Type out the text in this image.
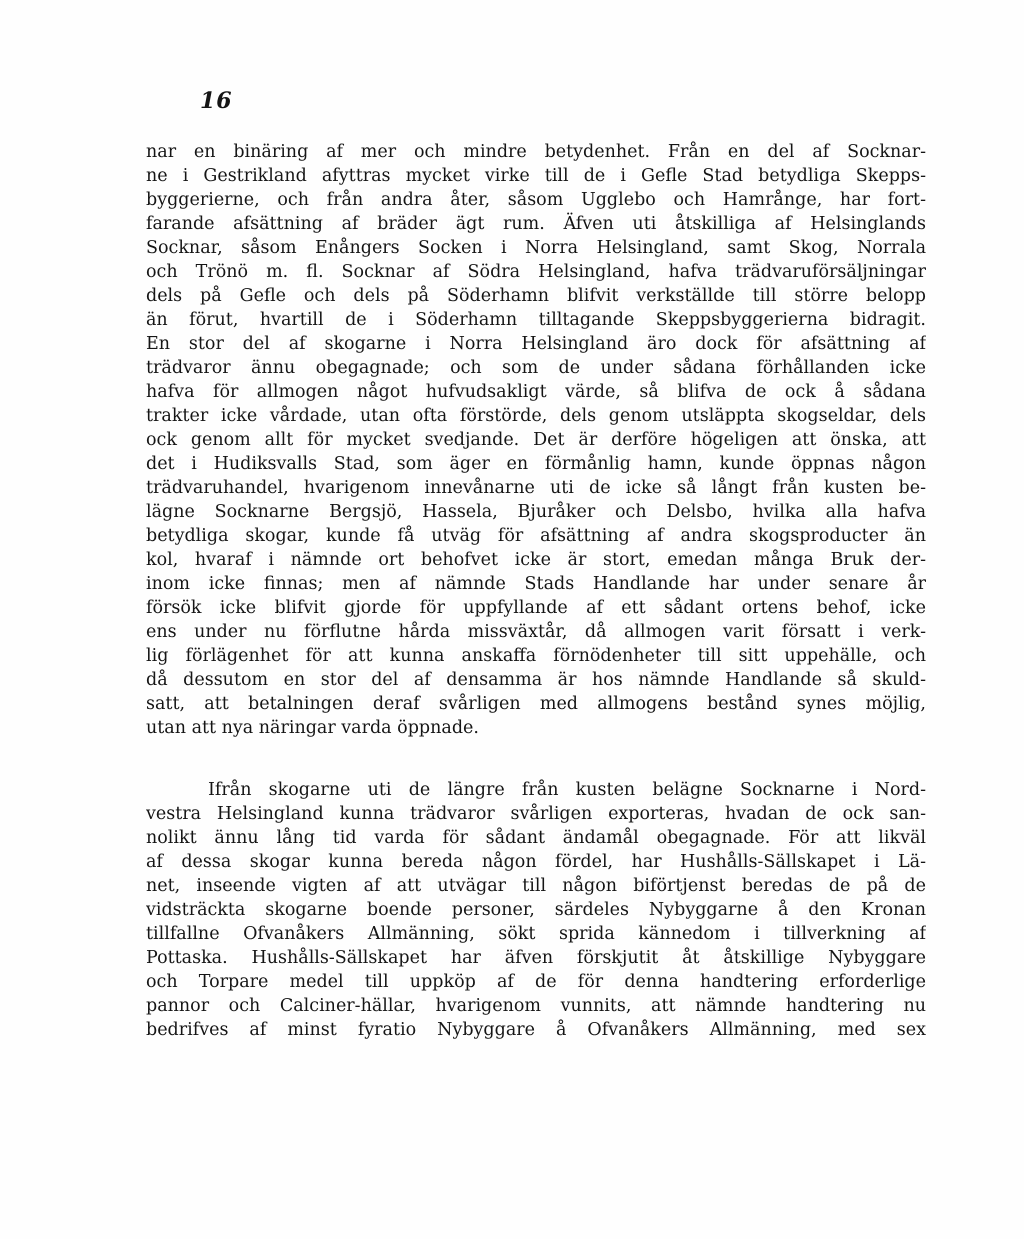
16
nar en binäring af mer och mindre betydenhet. Från en del af Socknar-
ne i Gestrikland afyttras mycket virke till de i Gefle Stad betydliga Skepps-
byggerierne, och från andra åter, såsom Ugglebo och Hamrånge, har fort-
farande afsättning af bräder ägt rum. Äfven uti åtskilliga af Helsinglands
Socknar, såsom Enångers Socken i Norra Helsingland, samt Skog, Norrala
och Trönö m. fl. Socknar af Södra Helsingland, hafva trädvaruförsäljningar
dels på Gefle och dels på Söderhamn blifvit verkställde till större belopp
än förut, hvartill de i Söderhamn tilltagande Skeppsbyggerierna bidragit.
En stor del af skogarne i Norra Helsingland äro dock för afsättning af
trädvaror ännu obegagnade; och som de under sådana förhållanden icke
hafva för allmogen något hufvudsakligt värde, så blifva de ock å sådana
trakter icke vårdade, utan ofta förstörde, dels genom utsläppta skogseldar, dels
ock genom allt för mycket svedjande. Det är derföre högeligen att önska, att
det i Hudiksvalls Stad, som äger en förmånlig hamn, kunde öppnas någon
trädvaruhandel, hvarigenom innevånarne uti de icke så långt från kusten be-
lägne Socknarne Bergsjö, Hassela, Bjuråker och Delsbo, hvilka alla hafva
betydliga skogar, kunde få utväg för afsättning af andra skogsproducter än
kol, hvaraf i nämnde ort behofvet icke är stort, emedan många Bruk der-
inom icke finnas; men af nämnde Stads Handlande har under senare år
försök icke blifvit gjorde för uppfyllande af ett sådant ortens behof, icke
ens under nu förflutne hårda missväxtår, då allmogen varit försatt i verk-
lig förlägenhet för att kunna anskaffa förnödenheter till sitt uppehälle, och
då dessutom en stor del af densamma är hos nämnde Handlande så skuld-
satt, att betalningen deraf svårligen med allmogens bestånd synes möjlig,
utan att nya näringar varda öppnade.
Ifrån skogarne uti de längre från kusten belägne Socknarne i Nord-
vestra Helsingland kunna trädvaror svårligen exporteras, hvadan de ock san-
nolikt ännu lång tid varda för sådant ändamål obegagnade. För att likväl
af dessa skogar kunna bereda någon fördel, har Hushålls-Sällskapet i Lä-
net, inseende vigten af att utvägar till någon biförtjenst beredas de på de
vidsträckta skogarne boende personer, särdeles Nybyggarne å den Kronan
tillfallne Ofvanåkers Allmänning, sökt sprida kännedom i tillverkning af
Pottaska. Hushålls-Sällskapet har äfven förskjutit åt åtskillige Nybyggare
och Torpare medel till uppköp af de för denna handtering erforderlige
pannor och Calciner-hällar, hvarigenom vunnits, att nämnde handtering nu
bedrifves af minst fyratio Nybyggare å Ofvanåkers Allmänning, med sex
